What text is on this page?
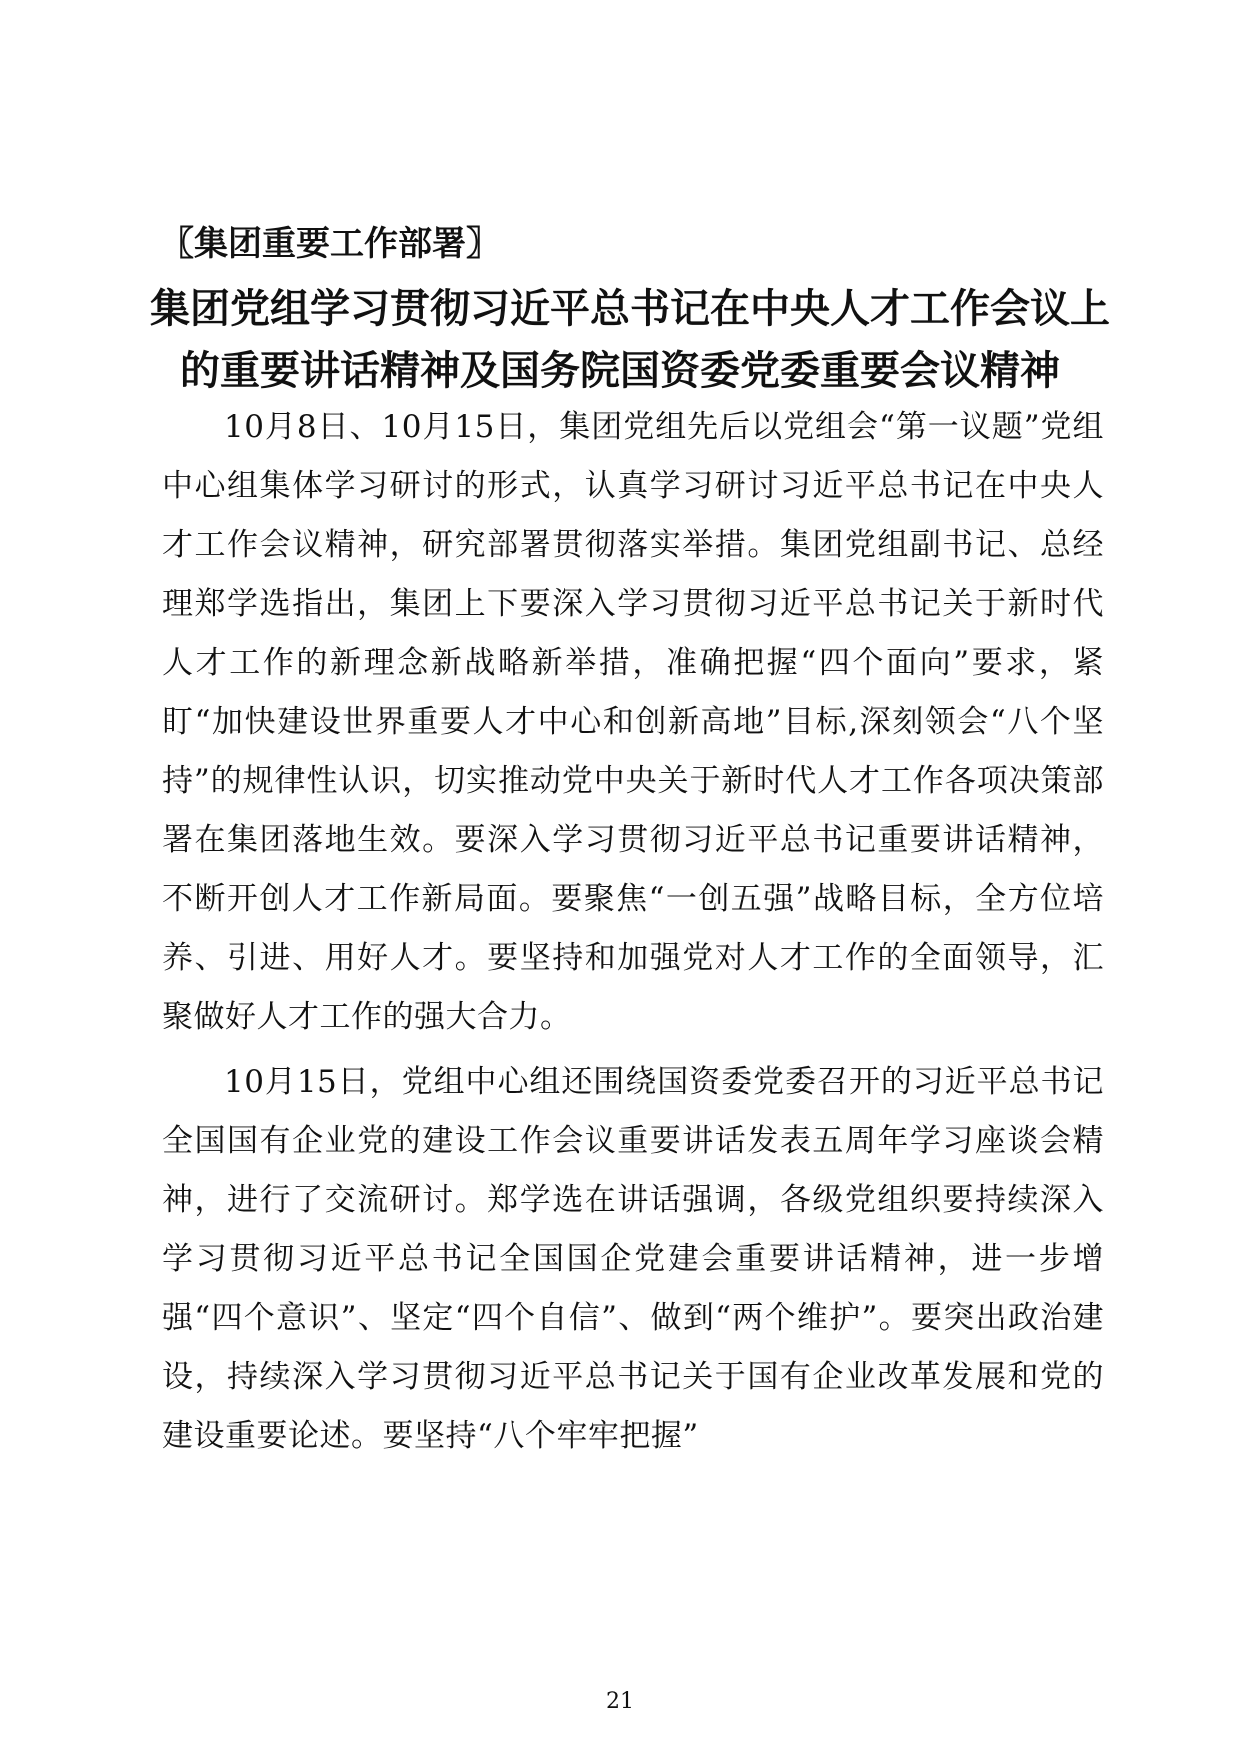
〖集团重要工作部署〗
集团党组学习贯彻习近平总书记在中央人才工作会议上
的重要讲话精神及国务院国资委党委重要会议精神

10月8日、10月15日，集团党组先后以党组会“第一议题”党组中心组集体学习研讨的形式，认真学习研讨习近平总书记在中央人才工作会议精神，研究部署贯彻落实举措。集团党组副书记、总经理郑学选指出，集团上下要深入学习贯彻习近平总书记关于新时代人才工作的新理念新战略新举措，准确把握“四个面向”要求，紧盯“加快建设世界重要人才中心和创新高地”目标,深刻领会“八个坚持”的规律性认识，切实推动党中央关于新时代人才工作各项决策部署在集团落地生效。要深入学习贯彻习近平总书记重要讲话精神，不断开创人才工作新局面。要聚焦“一创五强”战略目标，全方位培养、引进、用好人才。要坚持和加强党对人才工作的全面领导，汇聚做好人才工作的强大合力。

10月15日，党组中心组还围绕国资委党委召开的习近平总书记全国国有企业党的建设工作会议重要讲话发表五周年学习座谈会精神，进行了交流研讨。郑学选在讲话强调，各级党组织要持续深入学习贯彻习近平总书记全国国企党建会重要讲话精神，进一步增强“四个意识”、坚定“四个自信”、做到“两个维护”。要突出政治建设，持续深入学习贯彻习近平总书记关于国有企业改革发展和党的建设重要论述。要坚持“八个牢牢把握”

21
